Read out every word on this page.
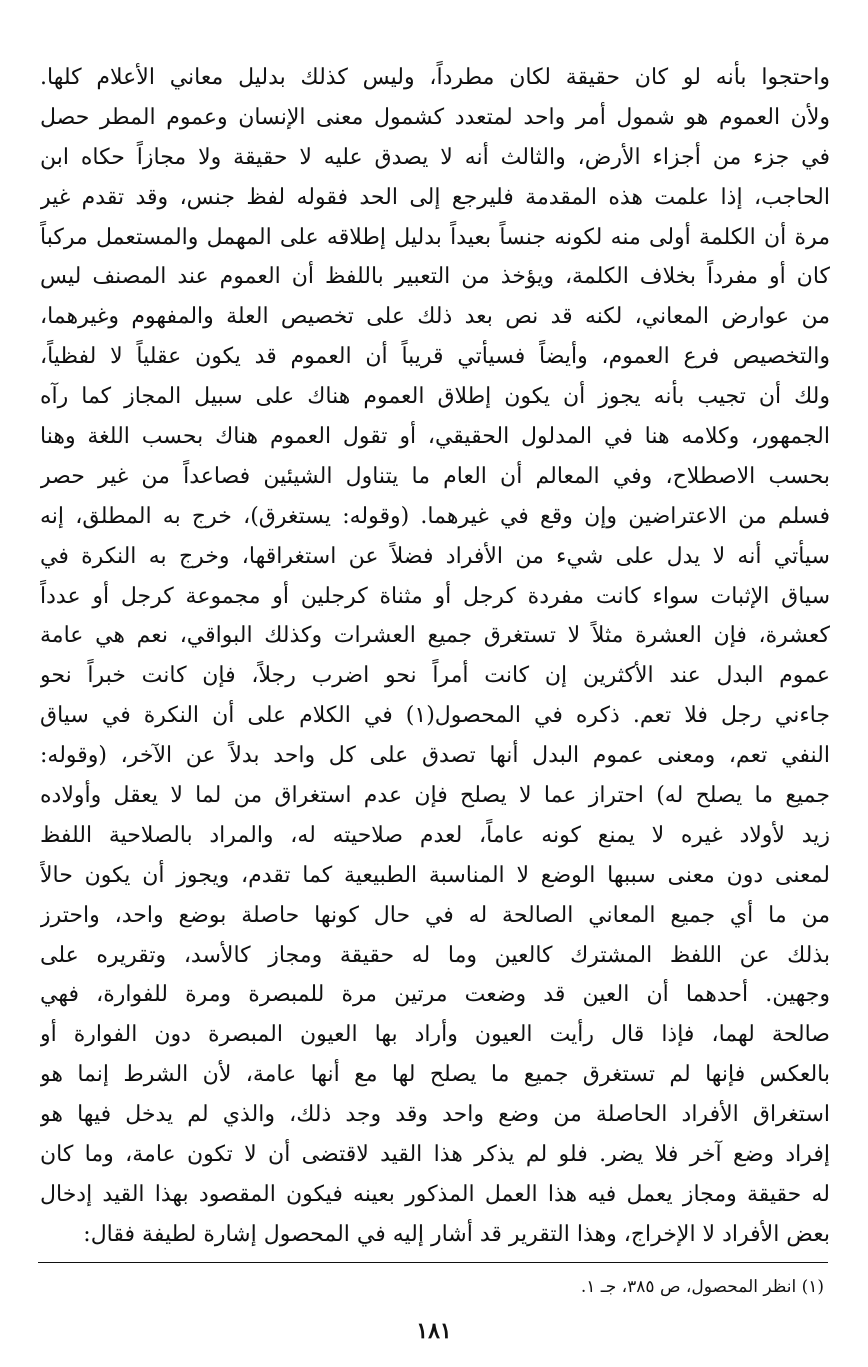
واحتجوا بأنه لو كان حقيقة لكان مطرداً، وليس كذلك بدليل معاني الأعلام كلها.
ولأن العموم هو شمول أمر واحد لمتعدد كشمول معنى الإنسان وعموم المطر حصل
في جزء من أجزاء الأرض، والثالث أنه لا يصدق عليه لا حقيقة ولا مجازاً حكاه ابن
الحاجب، إذا علمت هذه المقدمة فليرجع إلى الحد فقوله لفظ جنس، وقد تقدم غير
مرة أن الكلمة أولى منه لكونه جنساً بعيداً بدليل إطلاقه على المهمل والمستعمل مركباً
كان أو مفرداً بخلاف الكلمة، ويؤخذ من التعبير باللفظ أن العموم عند المصنف ليس
من عوارض المعاني، لكنه قد نص بعد ذلك على تخصيص العلة والمفهوم وغيرهما،
والتخصيص فرع العموم، وأيضاً فسيأتي قريباً أن العموم قد يكون عقلياً لا لفظياً،
ولك أن تجيب بأنه يجوز أن يكون إطلاق العموم هناك على سبيل المجاز كما رآه
الجمهور، وكلامه هنا في المدلول الحقيقي، أو تقول العموم هناك بحسب اللغة وهنا
بحسب الاصطلاح، وفي المعالم أن العام ما يتناول الشيئين فصاعداً من غير حصر
فسلم من الاعتراضين وإن وقع في غيرهما. (وقوله: يستغرق)، خرج به المطلق، إنه
سيأتي أنه لا يدل على شيء من الأفراد فضلاً عن استغراقها، وخرج به النكرة في
سياق الإثبات سواء كانت مفردة كرجل أو مثناة كرجلين أو مجموعة كرجل أو عدداً
كعشرة، فإن العشرة مثلاً لا تستغرق جميع العشرات وكذلك البواقي، نعم هي عامة
عموم البدل عند الأكثرين إن كانت أمراً نحو اضرب رجلاً، فإن كانت خبراً نحو
جاءني رجل فلا تعم. ذكره في المحصول(١) في الكلام على أن النكرة في سياق
النفي تعم، ومعنى عموم البدل أنها تصدق على كل واحد بدلاً عن الآخر، (وقوله:
جميع ما يصلح له) احتراز عما لا يصلح فإن عدم استغراق من لما لا يعقل وأولاده
زيد لأولاد غيره لا يمنع كونه عاماً، لعدم صلاحيته له، والمراد بالصلاحية اللفظ
لمعنى دون معنى سببها الوضع لا المناسبة الطبيعية كما تقدم، ويجوز أن يكون حالاً
من ما أي جميع المعاني الصالحة له في حال كونها حاصلة بوضع واحد، واحترز
بذلك عن اللفظ المشترك كالعين وما له حقيقة ومجاز كالأسد، وتقريره على
وجهين. أحدهما أن العين قد وضعت مرتين مرة للمبصرة ومرة للفوارة، فهي
صالحة لهما، فإذا قال رأيت العيون وأراد بها العيون المبصرة دون الفوارة أو
بالعكس فإنها لم تستغرق جميع ما يصلح لها مع أنها عامة، لأن الشرط إنما هو
استغراق الأفراد الحاصلة من وضع واحد وقد وجد ذلك، والذي لم يدخل فيها هو
إفراد وضع آخر فلا يضر. فلو لم يذكر هذا القيد لاقتضى أن لا تكون عامة، وما كان
له حقيقة ومجاز يعمل فيه هذا العمل المذكور بعينه فيكون المقصود بهذا القيد إدخال
بعض الأفراد لا الإخراج، وهذا التقرير قد أشار إليه في المحصول إشارة لطيفة فقال:
(١) انظر المحصول، ص ٣٨٥، جـ ١.
١٨١
